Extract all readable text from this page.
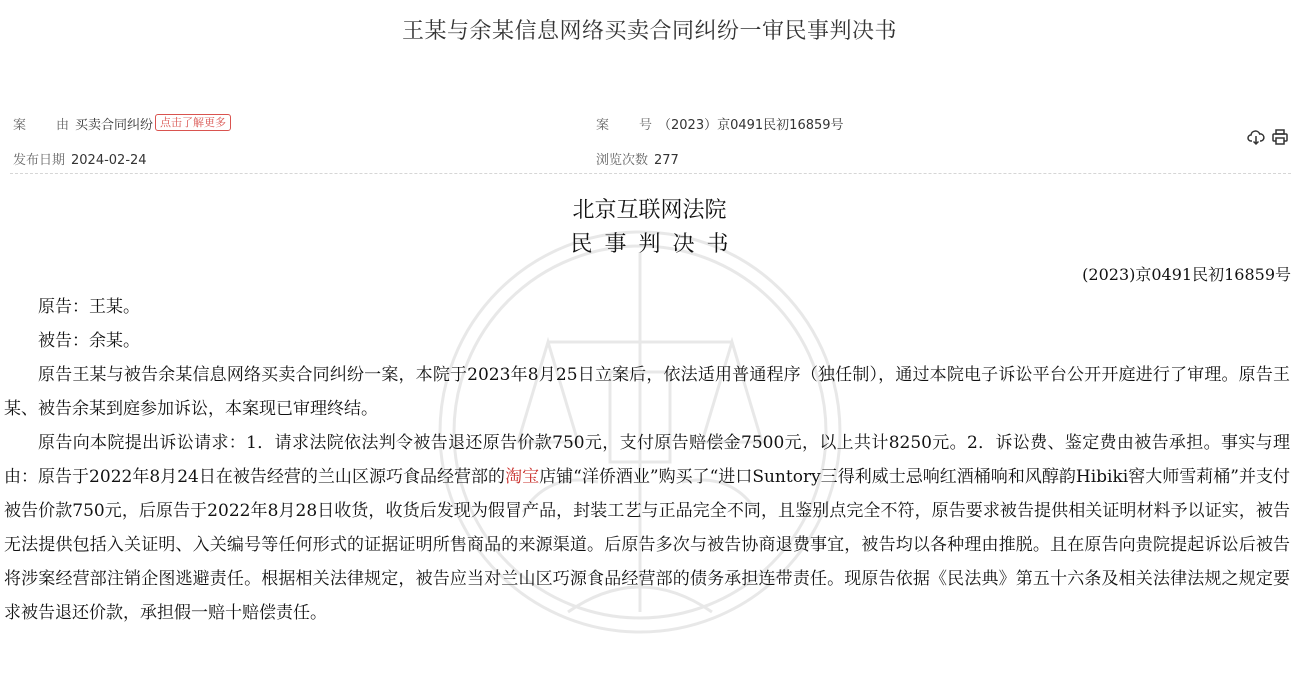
王某与余某信息网络买卖合同纠纷一审民事判决书
案由 买卖合同纠纷 点击了解更多	案号 （2023）京0491民初16859号
发布日期 2024-02-24	浏览次数 277
北京互联网法院
民事判决书
(2023)京0491民初16859号

原告：王某。

被告：余某。

原告王某与被告余某信息网络买卖合同纠纷一案，本院于2023年8月25日立案后，依法适用普通程序（独任制），通过本院电子诉讼平台公开开庭进行了审理。原告王某、被告余某到庭参加诉讼，本案现已审理终结。

原告向本院提出诉讼请求：1．请求法院依法判令被告退还原告价款750元，支付原告赔偿金7500元，以上共计8250元。2．诉讼费、鉴定费由被告承担。事实与理由：原告于2022年8月24日在被告经营的兰山区源巧食品经营部的淘宝店铺“洋侨酒业”购买了“进口Suntory三得利威士忌响红酒桶响和风醇韵Hibiki窖大师雪莉桶”并支付被告价款750元，后原告于2022年8月28日收货，收货后发现为假冒产品，封装工艺与正品完全不同，且鉴别点完全不符，原告要求被告提供相关证明材料予以证实，被告无法提供包括入关证明、入关编号等任何形式的证据证明所售商品的来源渠道。后原告多次与被告协商退费事宜，被告均以各种理由推脱。且在原告向贵院提起诉讼后被告将涉案经营部注销企图逃避责任。根据相关法律规定，被告应当对兰山区巧源食品经营部的债务承担连带责任。现原告依据《民法典》第五十六条及相关法律法规之规定要求被告退还价款，承担假一赔十赔偿责任。
